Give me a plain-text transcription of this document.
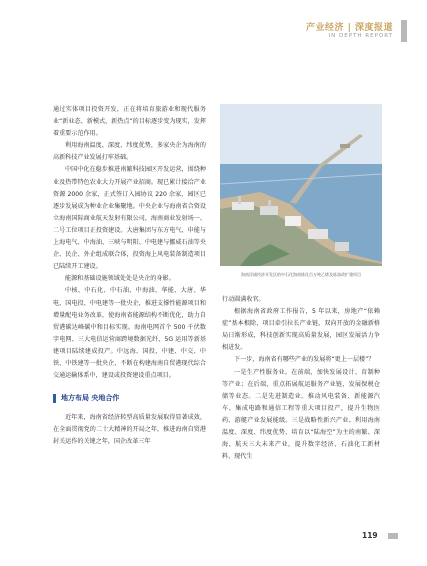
产业经济 | 深度报道
IN DEPTH REPORT

通过实体项目投资开发，正在将培育旅游业和现代服务业“新业态、新模式、新热点”的目标逐步变为现实，发挥着重要示范作用。

利用海南温度、深度、纬度优势，多家央企为海南的高新科技产业发展打牢基础。

中国中化在稳步推进南繁科技园区开发运营，围绕种业及热带特色农业大力开展产业招商。现已累计接洽产业资源 2000 余家，正式签订入园协议 220 余家，园区已逐步发展成为种业企业集聚地。中央企业与海南省合资设立海南国际商业航天发射有限公司，海南商业发射场一、二号工位项目正投资建设。大唐集团与东方电气、申能与上海电气、中海油、三峡与明阳、中电建与挪威石油等央企、民企、外企组成联合体，投资海上风电装备制造项目已陆续开工建设。

能源和基础设施领域处处是央企的身影。

中核、中石化、中石油、中海油、华能、大唐、华电、国电投、中电建等一批央企，推进支撑性能源项目和增量配电业务改革，使海南省能源结构不断优化，助力自贸港碳达峰碳中和目标实现。海南电网首个 500 千伏数字电网、三大电信运营商跨境数据光纤、5G 运用等新基建项目陆续建成投产。中远海、国投、中建、中交、中铁、中铁建等一批央企，不断在构建海南自贸港现代综合交通运输体系中，建设或投资建设重点项目。

地方布局 央地合作

近年来，海南省经济转型高质量发展取得显著成效，在全面贯彻党的二十大精神的开局之年，推进海南自贸港封关运作的关键之年，国企改革三年

海南洋浦经济开发区的中石化海南炼化百万吨乙烯及炼油改扩建项目

行动圆满收官。

根据海南省政府工作报告，5 年以来，房地产“依赖症”基本根除，项目牵引拉长产业链，双向开放的金融新格局日渐形成，科技创新实现高质量发展，园区发展活力争相迸发。

下一步，海南省有哪些产业的发展将“更上一层楼”？

一是生产性服务业。在前端，加快发展设计、育制种等产业；在后端，重点拓展航运服务产业链，发展保税仓储等业态。二是先进制造业。推动风电装备、新能源汽车、集成电路和通信工程等重大项目投产，提升生物医药、游艇产业发展能级。三是战略性新兴产业。利用海南温度、深度、纬度优势，培育以“陆海空”为主的南繁、深海、航天三大未来产业，提升数字经济、石油化工新材料、现代生

119
